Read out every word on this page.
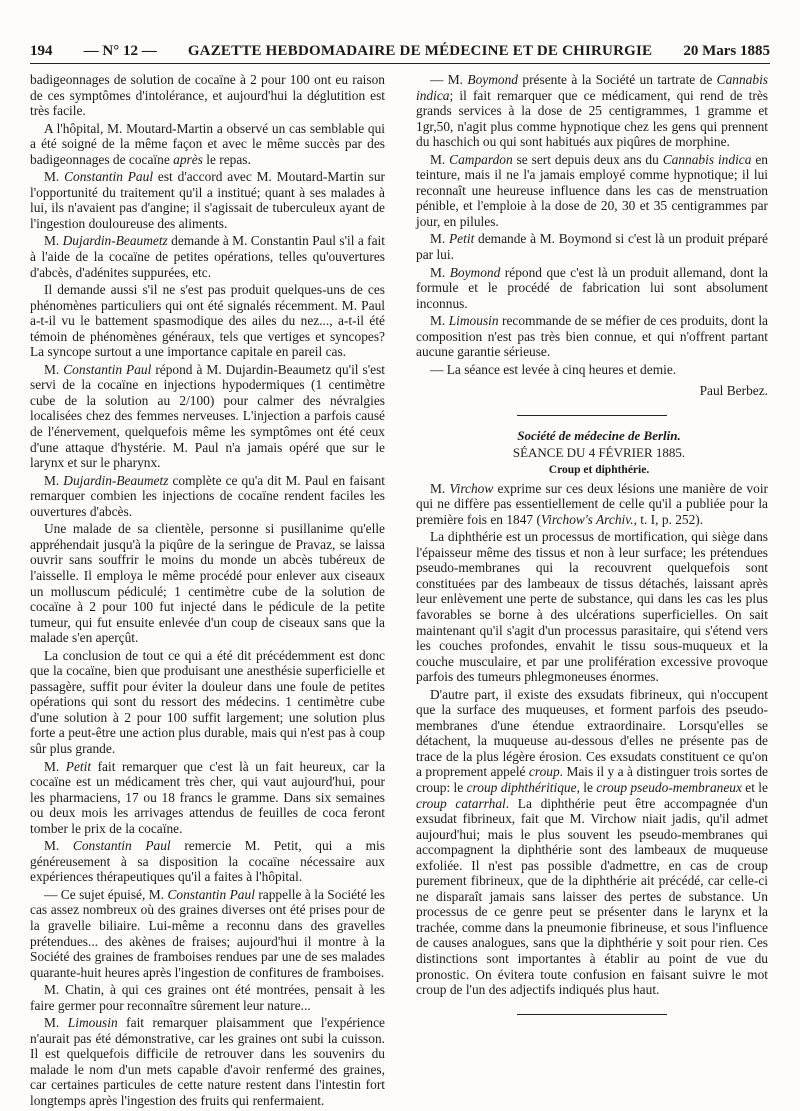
194 — N° 12 — GAZETTE HEBDOMADAIRE DE MÉDECINE ET DE CHIRURGIE 20 Mars 1885

badigeonnages de solution de cocaïne à 2 pour 100 ont eu raison de ces symptômes d'intolérance, et aujourd'hui la déglutition est très facile.

A l'hôpital, M. Moutard-Martin a observé un cas semblable qui a été soigné de la même façon et avec le même succès par des badigeonnages de cocaïne après le repas.

M. Constantin Paul est d'accord avec M. Moutard-Martin sur l'opportunité du traitement qu'il a institué; quant à ses malades à lui, ils n'avaient pas d'angine; il s'agissait de tuberculeux ayant de l'ingestion douloureuse des aliments.

M. Dujardin-Beaumetz demande à M. Constantin Paul s'il a fait à l'aide de la cocaïne de petites opérations, telles qu'ouvertures d'abcès, d'adénites suppurées, etc.

Il demande aussi s'il ne s'est pas produit quelques-uns de ces phénomènes particuliers qui ont été signalés récemment. M. Paul a-t-il vu le battement spasmodique des ailes du nez..., a-t-il été témoin de phénomènes généraux, tels que vertiges et syncopes? La syncope surtout a une importance capitale en pareil cas.

M. Constantin Paul répond à M. Dujardin-Beaumetz qu'il s'est servi de la cocaïne en injections hypodermiques (1 centimètre cube de la solution au 2/100) pour calmer des névralgies localisées chez des femmes nerveuses. L'injection a parfois causé de l'énervement, quelquefois même les symptômes ont été ceux d'une attaque d'hystérie. M. Paul n'a jamais opéré que sur le larynx et sur le pharynx.

M. Dujardin-Beaumetz complète ce qu'a dit M. Paul en faisant remarquer combien les injections de cocaïne rendent faciles les ouvertures d'abcès.

Une malade de sa clientèle, personne si pusillanime qu'elle appréhendait jusqu'à la piqûre de la seringue de Pravaz, se laissa ouvrir sans souffrir le moins du monde un abcès tubéreux de l'aisselle. Il employa le même procédé pour enlever aux ciseaux un molluscum pédiculé; 1 centimètre cube de la solution de cocaïne à 2 pour 100 fut injecté dans le pédicule de la petite tumeur, qui fut ensuite enlevée d'un coup de ciseaux sans que la malade s'en aperçût.

La conclusion de tout ce qui a été dit précédemment est donc que la cocaïne, bien que produisant une anesthésie superficielle et passagère, suffit pour éviter la douleur dans une foule de petites opérations qui sont du ressort des médecins. 1 centimètre cube d'une solution à 2 pour 100 suffit largement; une solution plus forte a peut-être une action plus durable, mais qui n'est pas à coup sûr plus grande.

M. Petit fait remarquer que c'est là un fait heureux, car la cocaïne est un médicament très cher, qui vaut aujourd'hui, pour les pharmaciens, 17 ou 18 francs le gramme. Dans six semaines ou deux mois les arrivages attendus de feuilles de coca feront tomber le prix de la cocaïne.

M. Constantin Paul remercie M. Petit, qui a mis généreusement à sa disposition la cocaïne nécessaire aux expériences thérapeutiques qu'il a faites à l'hôpital.

— Ce sujet épuisé, M. Constantin Paul rappelle à la Société les cas assez nombreux où des graines diverses ont été prises pour de la gravelle biliaire. Lui-même a reconnu dans des gravelles prétendues... des akènes de fraises; aujourd'hui il montre à la Société des graines de framboises rendues par une de ses malades quarante-huit heures après l'ingestion de confitures de framboises.

M. Chatin, à qui ces graines ont été montrées, pensait à les faire germer pour reconnaître sûrement leur nature...

M. Limousin fait remarquer plaisamment que l'expérience n'aurait pas été démonstrative, car les graines ont subi la cuisson. Il est quelquefois difficile de retrouver dans les souvenirs du malade le nom d'un mets capable d'avoir renfermé des graines, car certaines particules de cette nature restent dans l'intestin fort longtemps après l'ingestion des fruits qui renfermaient.

— M. Boymond présente à la Société un tartrate de Cannabis indica; il fait remarquer que ce médicament, qui rend de très grands services à la dose de 25 centigrammes, 1 gramme et 1gr,50, n'agit plus comme hypnotique chez les gens qui prennent du haschich ou qui sont habitués aux piqûres de morphine.

M. Campardon se sert depuis deux ans du Cannabis indica en teinture, mais il ne l'a jamais employé comme hypnotique; il lui reconnaît une heureuse influence dans les cas de menstruation pénible, et l'emploie à la dose de 20, 30 et 35 centigrammes par jour, en pilules.

M. Petit demande à M. Boymond si c'est là un produit préparé par lui.

M. Boymond répond que c'est là un produit allemand, dont la formule et le procédé de fabrication lui sont absolument inconnus.

M. Limousin recommande de se méfier de ces produits, dont la composition n'est pas très bien connue, et qui n'offrent partant aucune garantie sérieuse.

— La séance est levée à cinq heures et demie.

Paul Berbez.

Société de médecine de Berlin.

SÉANCE DU 4 FÉVRIER 1885.

Croup et diphthérie.

M. Virchow exprime sur ces deux lésions une manière de voir qui ne diffère pas essentiellement de celle qu'il a publiée pour la première fois en 1847 (Virchow's Archiv., t. I, p. 252).

La diphthérie est un processus de mortification, qui siège dans l'épaisseur même des tissus et non à leur surface; les prétendues pseudo-membranes qui la recouvrent quelquefois sont constituées par des lambeaux de tissus détachés, laissant après leur enlèvement une perte de substance, qui dans les cas les plus favorables se borne à des ulcérations superficielles. On sait maintenant qu'il s'agit d'un processus parasitaire, qui s'étend vers les couches profondes, envahit le tissu sous-muqueux et la couche musculaire, et par une prolifération excessive provoque parfois des tumeurs phlegmoneuses énormes.

D'autre part, il existe des exsudats fibrineux, qui n'occupent que la surface des muqueuses, et forment parfois des pseudo-membranes d'une étendue extraordinaire. Lorsqu'elles se détachent, la muqueuse au-dessous d'elles ne présente pas de trace de la plus légère érosion. Ces exsudats constituent ce qu'on a proprement appelé croup. Mais il y a à distinguer trois sortes de croup: le croup diphthéritique, le croup pseudo-membraneux et le croup catarrhal. La diphthérie peut être accompagnée d'un exsudat fibrineux, fait que M. Virchow niait jadis, qu'il admet aujourd'hui; mais le plus souvent les pseudo-membranes qui accompagnent la diphthérie sont des lambeaux de muqueuse exfoliée. Il n'est pas possible d'admettre, en cas de croup purement fibrineux, que de la diphthérie ait précédé, car celle-ci ne disparaît jamais sans laisser des pertes de substance. Un processus de ce genre peut se présenter dans le larynx et la trachée, comme dans la pneumonie fibrineuse, et sous l'influence de causes analogues, sans que la diphthérie y soit pour rien. Ces distinctions sont importantes à établir au point de vue du pronostic. On évitera toute confusion en faisant suivre le mot croup de l'un des adjectifs indiqués plus haut.
